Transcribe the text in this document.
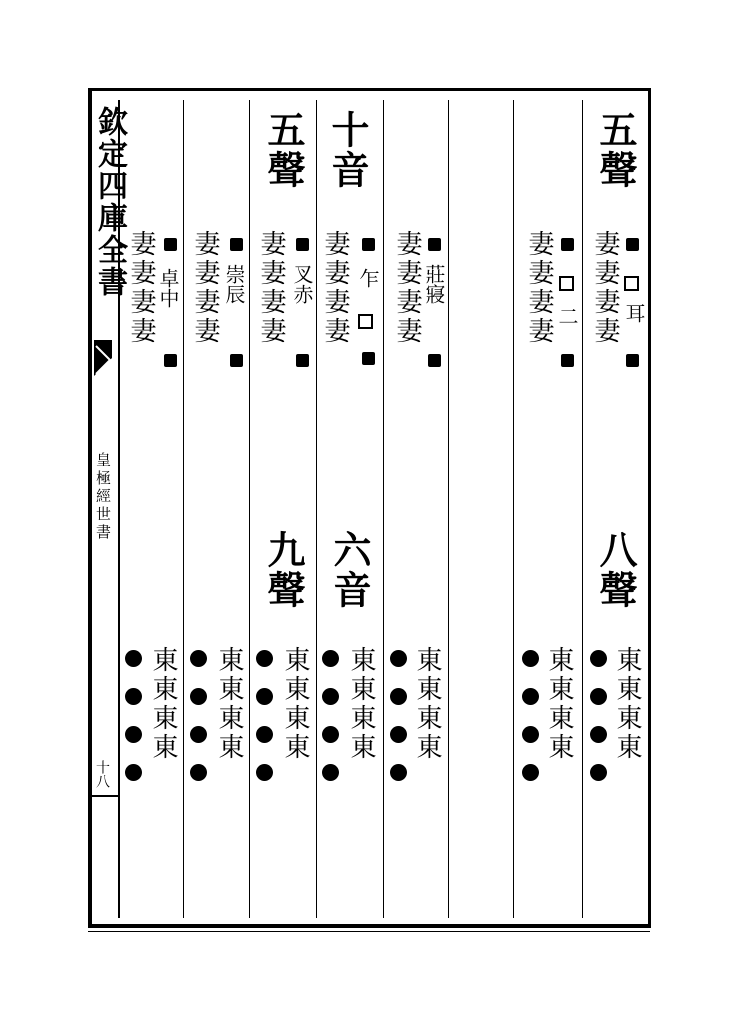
欽定四庫全書
皇極經世書
十八
五聲
耳
妻妻妻妻
八聲
東東東東
二
妻妻妻妻
東東東東
莊寢
妻妻妻妻
東東東東
十音
乍
妻妻妻妻
六音
東東東東
五聲
叉赤
妻妻妻妻
九聲
東東東東
崇辰
妻妻妻妻
東東東東
卓中
妻妻妻妻
東東東東
